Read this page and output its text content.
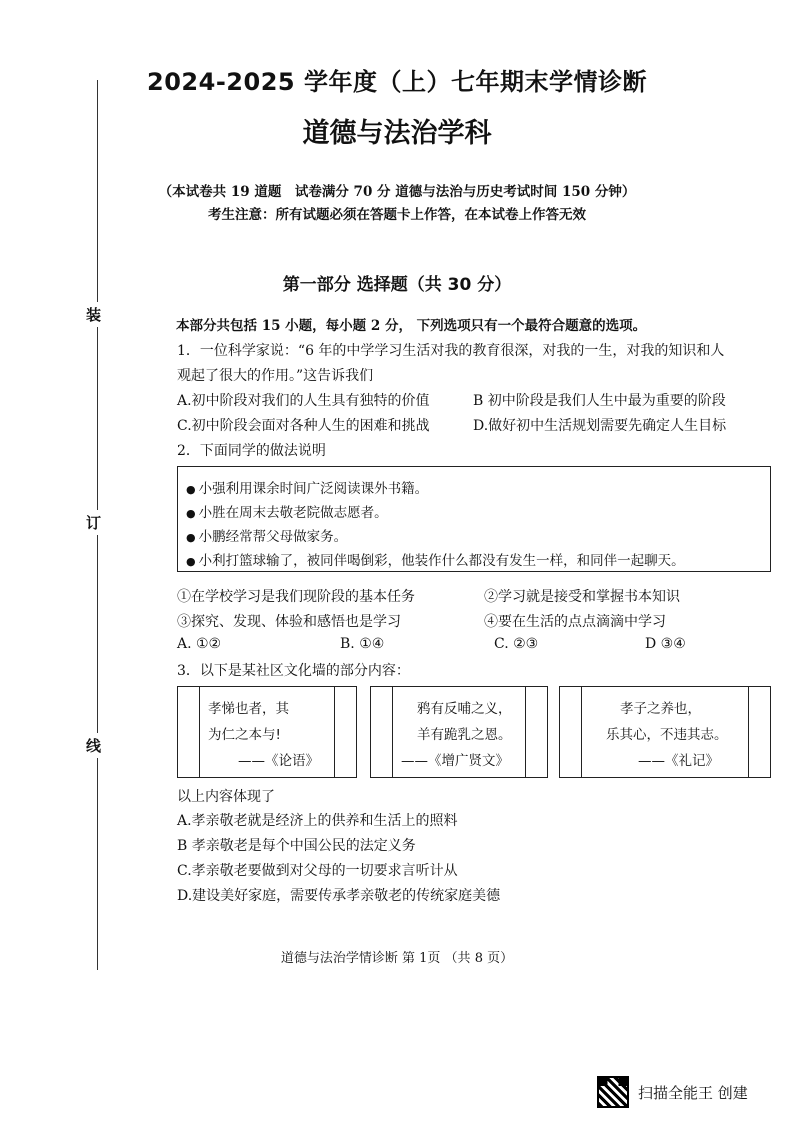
装
订
线
2024-2025 学年度（上）七年期末学情诊断
道德与法治学科
（本试卷共 19 道题　试卷满分 70 分 道德与法治与历史考试时间 150 分钟）
考生注意：所有试题必须在答题卡上作答，在本试卷上作答无效
第一部分 选择题（共 30 分）
本部分共包括 15 小题，每小题 2 分， 下列选项只有一个最符合题意的选项。
1．一位科学家说：“6 年的中学学习生活对我的教育很深，对我的一生，对我的知识和人
观起了很大的作用。”这告诉我们
A.初中阶段对我们的人生具有独特的价值	B 初中阶段是我们人生中最为重要的阶段
C.初中阶段会面对各种人生的困难和挑战	D.做好初中生活规划需要先确定人生目标
2．下面同学的做法说明
● 小强利用课余时间广泛阅读课外书籍。
● 小胜在周末去敬老院做志愿者。
● 小鹏经常帮父母做家务。
● 小利打篮球输了，被同伴喝倒彩，他装作什么都没有发生一样，和同伴一起聊天。
①在学校学习是我们现阶段的基本任务	②学习就是接受和掌握书本知识
③探究、发现、体验和感悟也是学习	④要在生活的点点滴滴中学习
A. ①②	B. ①④	C. ②③	D ③④
3．以下是某社区文化墙的部分内容：
孝悌也者，其
为仁之本与!
——《论语》
鸦有反哺之义，
羊有跪乳之恩。
——《增广贤文》
孝子之养也，
乐其心，不违其志。
——《礼记》
以上内容体现了
A.孝亲敬老就是经济上的供养和生活上的照料
B 孝亲敬老是每个中国公民的法定义务
C.孝亲敬老要做到对父母的一切要求言听计从
D.建设美好家庭，需要传承孝亲敬老的传统家庭美德
道德与法治学情诊断 第 1页 （共 8 页）
扫描全能王 创建
